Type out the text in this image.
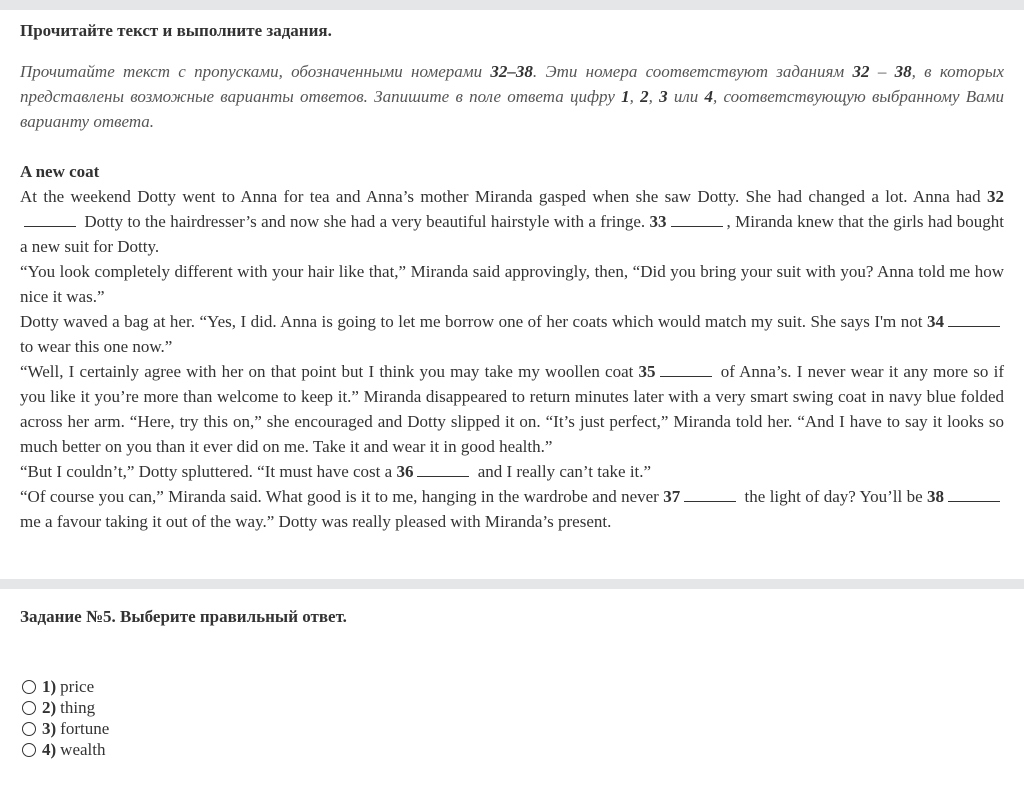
Прочитайте текст и выполните задания.
Прочитайте текст с пропусками, обозначенными номерами 32–38. Эти номера соответствуют заданиям 32 – 38, в которых представлены возможные варианты ответов. Запишите в поле ответа цифру 1, 2, 3 или 4, соответствующую выбранному Вами варианту ответа.
A new coat

At the weekend Dotty went to Anna for tea and Anna’s mother Miranda gasped when she saw Dotty. She had changed a lot. Anna had 32 Dotty to the hairdresser’s and now she had a very beautiful hairstyle with a fringe. 33	, Miranda knew that the girls had bought a new suit for Dotty.

“You look completely different with your hair like that,” Miranda said approvingly, then, “Did you bring your suit with you? Anna told me how nice it was.”

Dotty waved a bag at her. “Yes, I did. Anna is going to let me borrow one of her coats which would match my suit. She says I'm not 34 to wear this one now.”

“Well, I certainly agree with her on that point but I think you may take my woollen coat 35	of Anna’s. I never wear it any more so if you like it you’re more than welcome to keep it.” Miranda disappeared to return minutes later with a very smart swing coat in navy blue folded across her arm. “Here, try this on,” she encouraged and Dotty slipped it on. “It’s just perfect,” Miranda told her. “And I have to say it looks so much better on you than it ever did on me. Take it and wear it in good health.”

“But I couldn’t,” Dotty spluttered. “It must have cost a 36	and I really can’t take it.”

“Of course you can,” Miranda said. What good is it to me, hanging in the wardrobe and never 37	the light of day? You’ll be 38 me a favour taking it out of the way.” Dotty was really pleased with Miranda’s present.

Задание №5. Выберите правильный ответ.
1) price
2) thing
3) fortune
4) wealth
